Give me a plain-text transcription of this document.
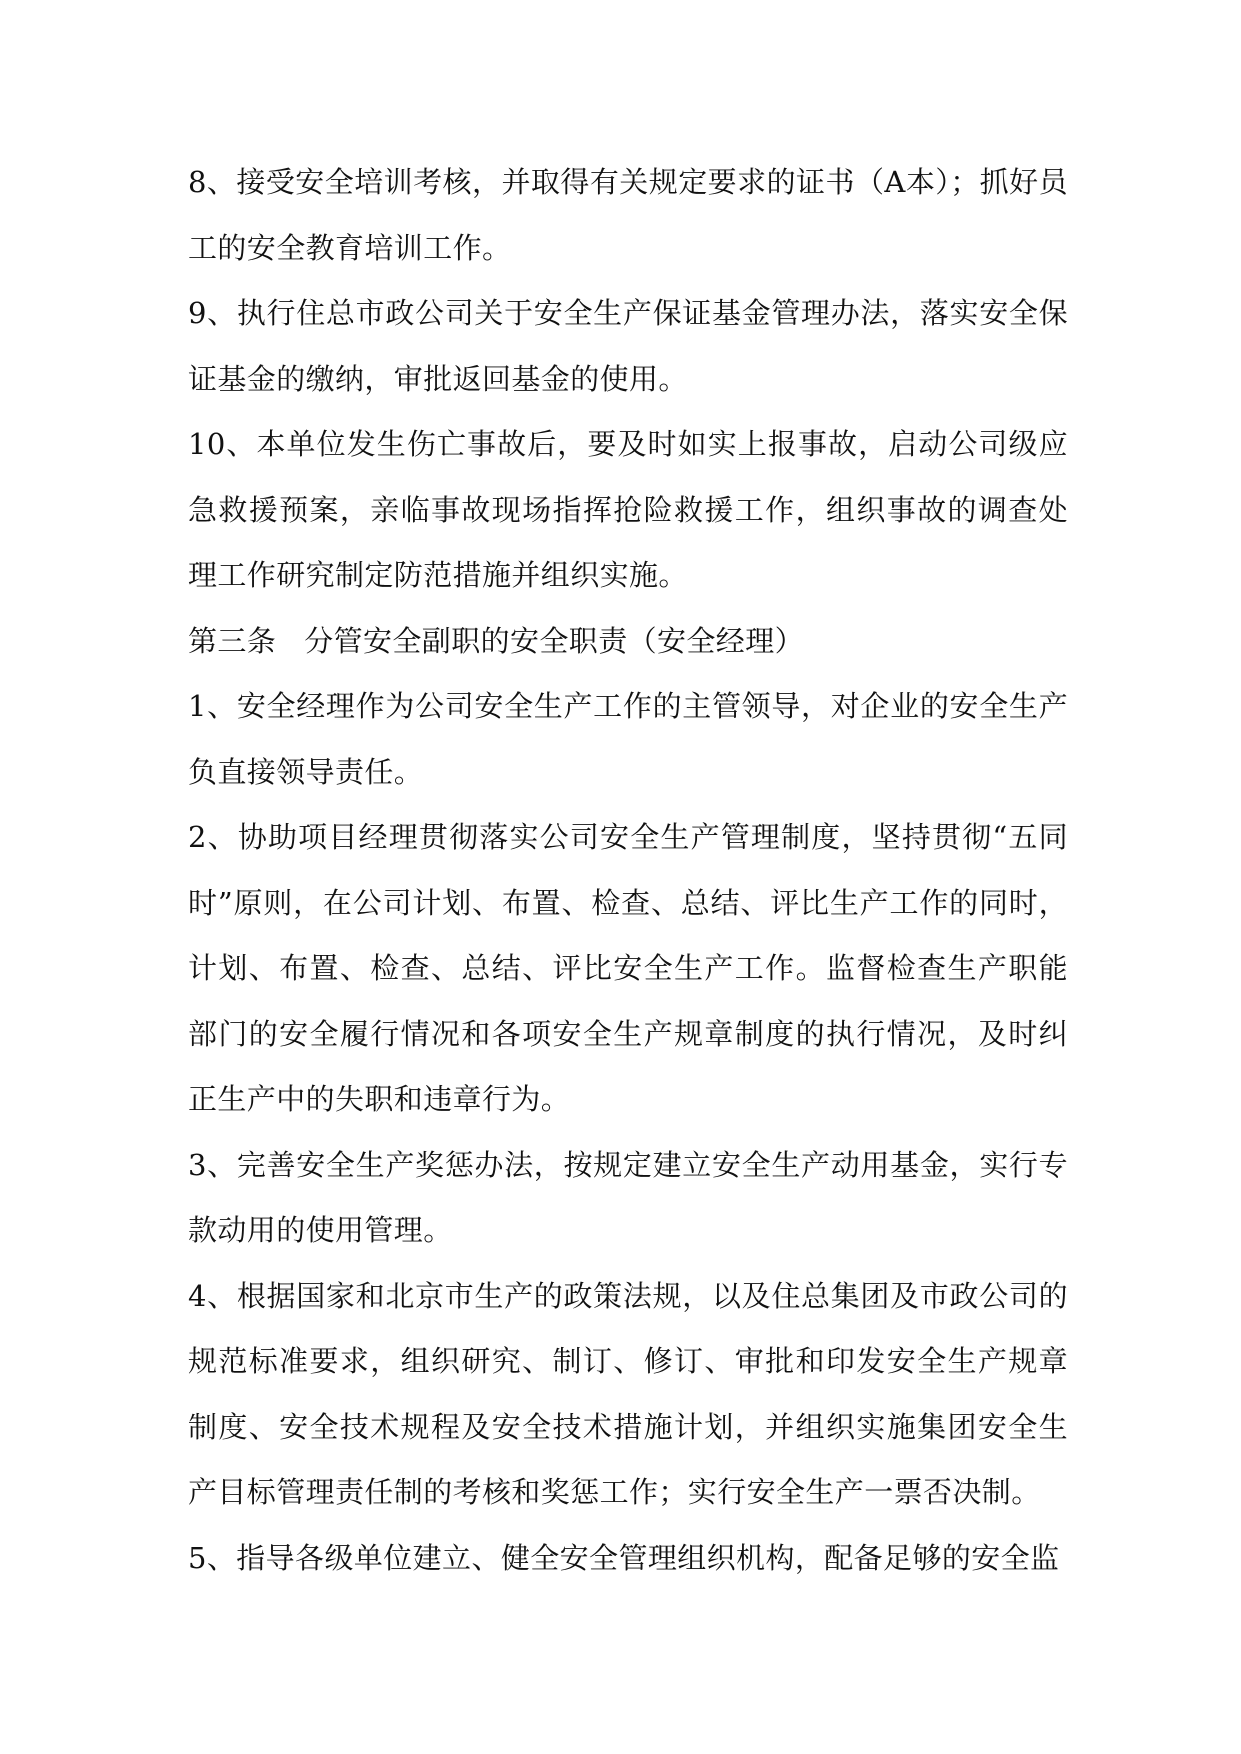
8、接受安全培训考核，并取得有关规定要求的证书（A本）；抓好员工的安全教育培训工作。

9、执行住总市政公司关于安全生产保证基金管理办法，落实安全保证基金的缴纳，审批返回基金的使用。

10、本单位发生伤亡事故后，要及时如实上报事故，启动公司级应急救援预案，亲临事故现场指挥抢险救援工作，组织事故的调查处理工作研究制定防范措施并组织实施。

第三条 分管安全副职的安全职责（安全经理）

1、安全经理作为公司安全生产工作的主管领导，对企业的安全生产负直接领导责任。

2、协助项目经理贯彻落实公司安全生产管理制度，坚持贯彻“五同时”原则，在公司计划、布置、检查、总结、评比生产工作的同时，计划、布置、检查、总结、评比安全生产工作。监督检查生产职能部门的安全履行情况和各项安全生产规章制度的执行情况，及时纠正生产中的失职和违章行为。

3、完善安全生产奖惩办法，按规定建立安全生产动用基金，实行专款动用的使用管理。

4、根据国家和北京市生产的政策法规，以及住总集团及市政公司的规范标准要求，组织研究、制订、修订、审批和印发安全生产规章制度、安全技术规程及安全技术措施计划，并组织实施集团安全生产目标管理责任制的考核和奖惩工作；实行安全生产一票否决制。

5、指导各级单位建立、健全安全管理组织机构，配备足够的安全监
